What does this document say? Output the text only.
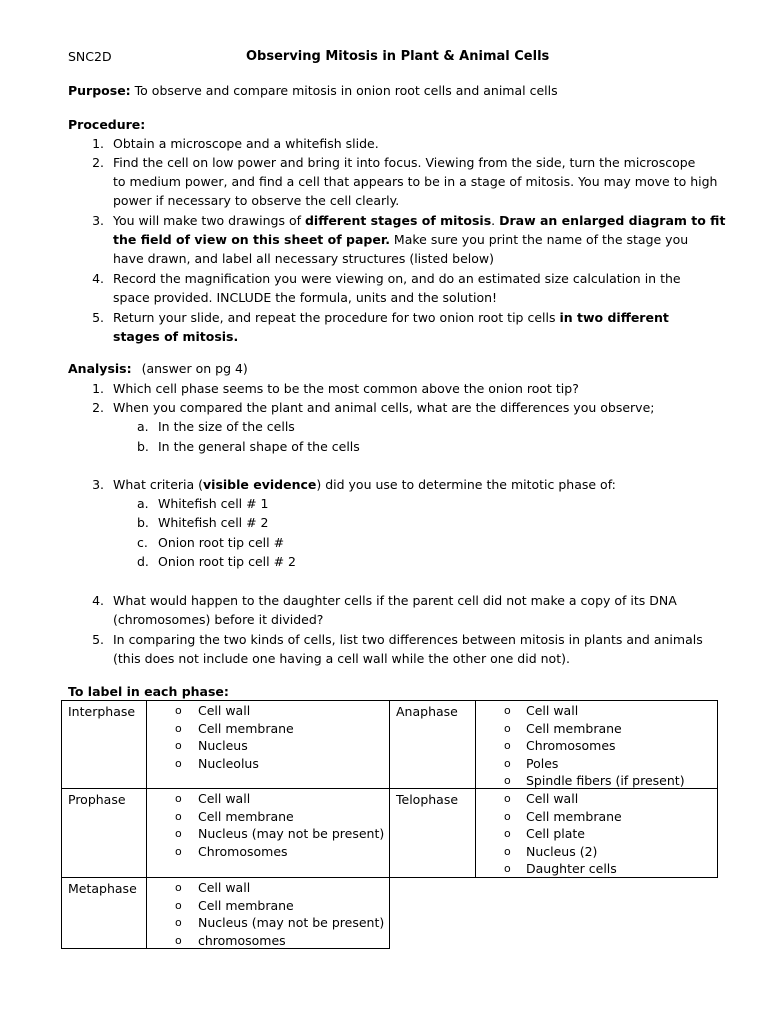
SNC2D	Observing Mitosis in Plant & Animal Cells
Purpose: To observe and compare mitosis in onion root cells and animal cells
Procedure:
1. Obtain a microscope and a whitefish slide.
2. Find the cell on low power and bring it into focus. Viewing from the side, turn the microscope
to medium power, and find a cell that appears to be in a stage of mitosis. You may move to high
power if necessary to observe the cell clearly.
3. You will make two drawings of different stages of mitosis. Draw an enlarged diagram to fit
the field of view on this sheet of paper. Make sure you print the name of the stage you
have drawn, and label all necessary structures (listed below)
4. Record the magnification you were viewing on, and do an estimated size calculation in the
space provided. INCLUDE the formula, units and the solution!
5. Return your slide, and repeat the procedure for two onion root tip cells in two different
stages of mitosis.
Analysis: (answer on pg 4)
1. Which cell phase seems to be the most common above the onion root tip?
2. When you compared the plant and animal cells, what are the differences you observe;
a. In the size of the cells
b. In the general shape of the cells
3. What criteria (visible evidence) did you use to determine the mitotic phase of:
a. Whitefish cell # 1
b. Whitefish cell # 2
c. Onion root tip cell #
d. Onion root tip cell # 2
4. What would happen to the daughter cells if the parent cell did not make a copy of its DNA
(chromosomes) before it divided?
5. In comparing the two kinds of cells, list two differences between mitosis in plants and animals
(this does not include one having a cell wall while the other one did not).
To label in each phase:
Interphase	o Cell wall
o Cell membrane
o Nucleus
o Nucleolus
Anaphase	o Cell wall
o Cell membrane
o Chromosomes
o Poles
o Spindle fibers (if present)
Prophase	o Cell wall
o Cell membrane
o Nucleus (may not be present)
o Chromosomes
Telophase	o Cell wall
o Cell membrane
o Cell plate
o Nucleus (2)
o Daughter cells
Metaphase	o Cell wall
o Cell membrane
o Nucleus (may not be present)
o chromosomes
